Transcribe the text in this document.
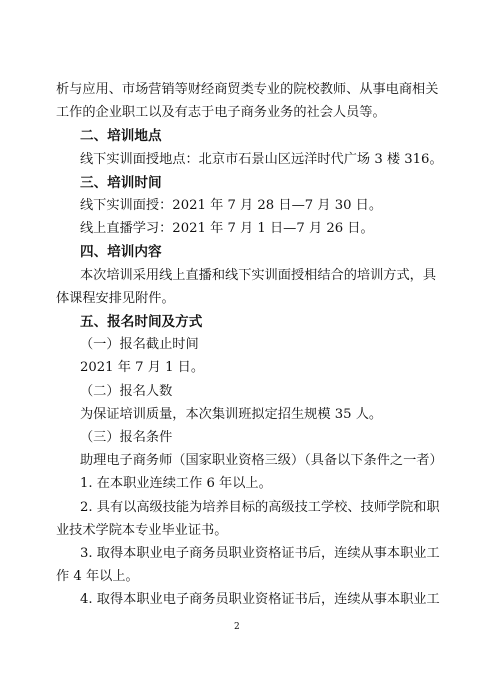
析与应用、市场营销等财经商贸类专业的院校教师、从事电商相关
工作的企业职工以及有志于电子商务业务的社会人员等。
二、培训地点
线下实训面授地点：北京市石景山区远洋时代广场 3 楼 316。
三、培训时间
线下实训面授：2021 年 7 月 28 日—7 月 30 日。
线上直播学习：2021 年 7 月 1 日—7 月 26 日。
四、培训内容
本次培训采用线上直播和线下实训面授相结合的培训方式，具
体课程安排见附件。
五、报名时间及方式
（一）报名截止时间
2021 年 7 月 1 日。
（二）报名人数
为保证培训质量，本次集训班拟定招生规模 35 人。
（三）报名条件
助理电子商务师（国家职业资格三级）（具备以下条件之一者）
1. 在本职业连续工作 6 年以上。
2. 具有以高级技能为培养目标的高级技工学校、技师学院和职
业技术学院本专业毕业证书。
3. 取得本职业电子商务员职业资格证书后，连续从事本职业工
作 4 年以上。
4. 取得本职业电子商务员职业资格证书后，连续从事本职业工
2
